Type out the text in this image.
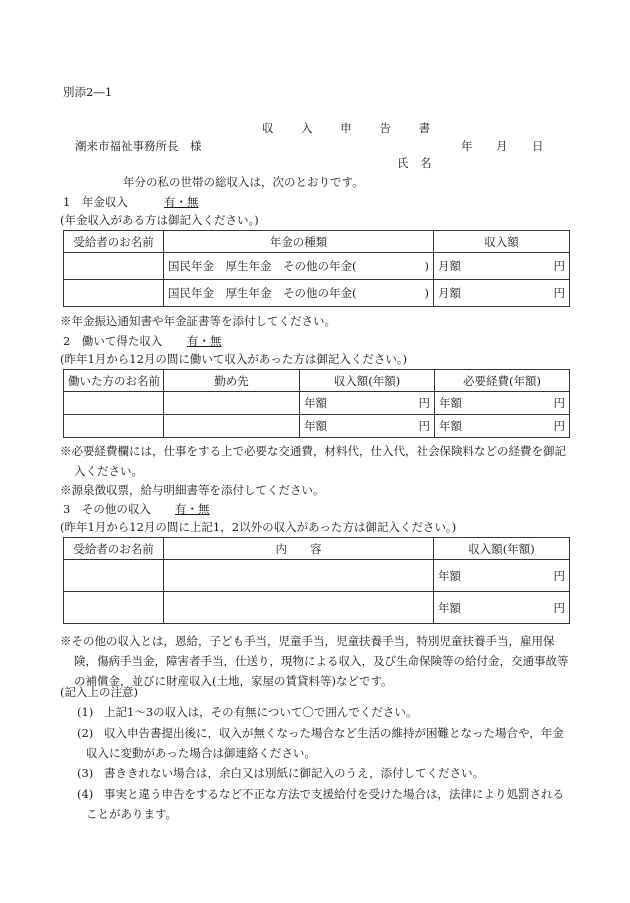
別添2―1
収 入 申 告 書
潮来市福祉事務所長　様	年 月 日
氏　名
年分の私の世帯の総収入は，次のとおりです。
1　年金収入	有・無
(年金収入がある方は御記入ください。)
受給者のお名前	年金の種類	収入額

	国民年金　厚生年金　その他の年金( )	月額 円

	国民年金　厚生年金　その他の年金( )	月額 円
※年金振込通知書や年金証書等を添付してください。
2　働いて得た収入 有・無
(昨年1月から12月の間に働いて収入があった方は御記入ください。)
働いた方のお名前	勤め先	収入額(年額)	必要経費(年額)

		年額 円	年額 円

		年額 円	年額 円
※必要経費欄には，仕事をする上で必要な交通費，材料代，仕入代，社会保険料などの経費を御記入ください。
※源泉徴収票，給与明細書等を添付してください。
3　その他の収入 有・無
(昨年1月から12月の間に上記1，2以外の収入があった方は御記入ください。)
受給者のお名前	内　　容	収入額(年額)

		年額 円

		年額 円
※その他の収入とは，恩給，子ども手当，児童手当，児童扶養手当，特別児童扶養手当，雇用保険，傷病手当金，障害者手当，仕送り，現物による収入，及び生命保険等の給付金，交通事故等の補償金，並びに財産収入(土地，家屋の賃貸料等)などです。
(記入上の注意)
(1) 上記1～3の収入は，その有無について〇で囲んでください。
(2) 収入申告書提出後に，収入が無くなった場合など生活の維持が困難となった場合や，年金収入に変動があった場合は御連絡ください。
(3) 書ききれない場合は，余白又は別紙に御記入のうえ，添付してください。
(4) 事実と違う申告をするなど不正な方法で支援給付を受けた場合は，法律により処罰されることがあります。
